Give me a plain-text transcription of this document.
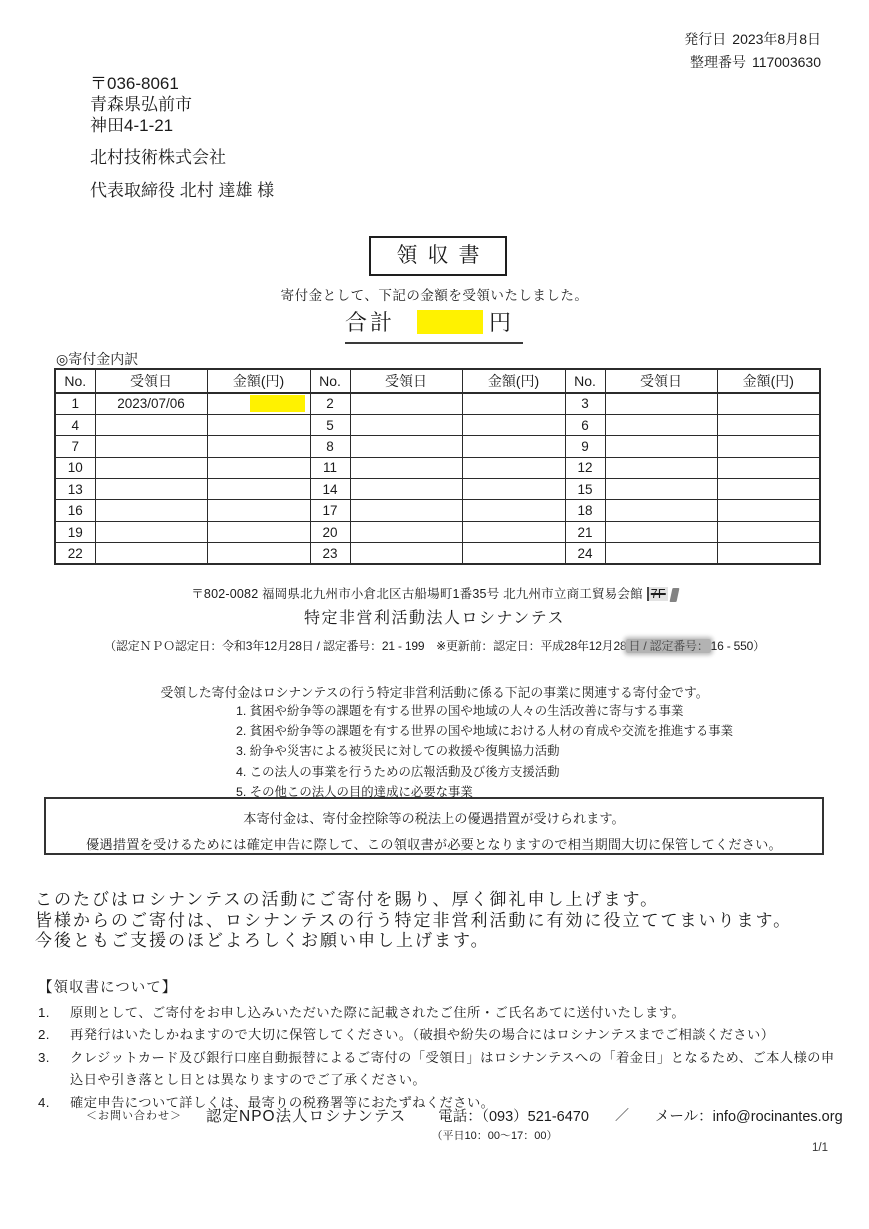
発行日 2023年8月8日
整理番号 117003630
〒036-8061
青森県弘前市
神田4-1-21
北村技術株式会社
代表取締役 北村 達雄 様
領収書
寄付金として、下記の金額を受領いたしました。
合計	円
◎寄付金内訳
No.	受領日	金額(円)	No.	受領日	金額(円)	No.	受領日	金額(円)
1	2023/07/06		2			3		
4			5			6		
7			8			9		
10			11			12		
13			14			15		
16			17			18		
19			20			21		
22			23			24		
〒802-0082 福岡県北九州市小倉北区古船場町1番35号 北九州市立商工貿易会館 7F
特定非営利活動法人ロシナンテス
（認定ＮＰＯ認定日：令和3年12月28日 / 認定番号：21 - 199　※更新前：認定日：平成28年12月28 日 / 認定番号： 16 - 550）
受領した寄付金はロシナンテスの行う特定非営利活動に係る下記の事業に関連する寄付金です。
1. 貧困や紛争等の課題を有する世界の国や地域の人々の生活改善に寄与する事業
2. 貧困や紛争等の課題を有する世界の国や地域における人材の育成や交流を推進する事業
3. 紛争や災害による被災民に対しての救援や復興協力活動
4. この法人の事業を行うための広報活動及び後方支援活動
5. その他この法人の目的達成に必要な事業
本寄付金は、寄付金控除等の税法上の優遇措置が受けられます。
優遇措置を受けるためには確定申告に際して、この領収書が必要となりますので相当期間大切に保管してください。
このたびはロシナンテスの活動にご寄付を賜り、厚く御礼申し上げます。
皆様からのご寄付は、ロシナンテスの行う特定非営利活動に有効に役立ててまいります。
今後ともご支援のほどよろしくお願い申し上げます。
【領収書について】
1.	原則として、ご寄付をお申し込みいただいた際に記載されたご住所・ご氏名あてに送付いたします。
2.	再発行はいたしかねますので大切に保管してください。（破損や紛失の場合にはロシナンテスまでご相談ください）
3.	クレジットカード及び銀行口座自動振替によるご寄付の「受領日」はロシナンテスへの「着金日」となるため、ご本人様の申込日や引き落とし日とは異なりますのでご了承ください。
4.	確定申告について詳しくは、最寄りの税務署等におたずねください。
＜お問い合わせ＞ 認定NPO法人ロシナンテス 電話：（093）521-6470 ／ メール：info@rocinantes.org
（平日10：00～17：00）
1/1
